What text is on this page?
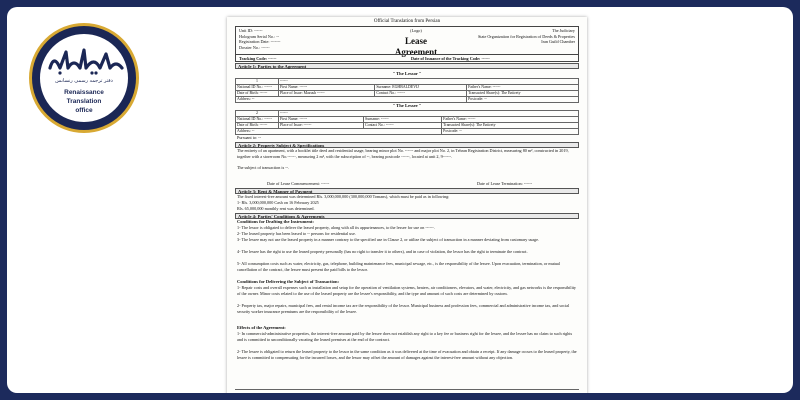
دفتر ترجمه رسمی رنسانس
Renaissance
Translation
office
Official Translation from Persian
Unit ID: ------
Hologram Serial No.: --
Registration Date: -------
Dossier No.: ------
(Logo)
Lease Agreement
The Judiciary
State Organization for Registration of Deeds & Properties
Iran Guild Chamber
Tracking Code: ------	Date of Issuance of the Tracking Code: ------
Article 1: Parties to the Agreement
" The Lessor "
1	------		
National ID No.: ------	First Name: ------	Surname: EGHBALDEVIJ	Father's Name: ------
Date of Birth: ------	Place of Issue: Mazush ------	Contact No.: ------	Transacted Share(s): The Entirety
Address: --			Postcode: --
" The Lessee "
2	------		
National ID No.: ------	First Name: ------	Surname: ------	Father's Name: ------
Date of Birth: ------	Place of Issue: ------	Contact No.: ------	Transacted Share(s): The Entirety
Address: --			Postcode: --
Pursuant to: --
Article 2: Property Subject & Specifications
The entirety of an apartment, with a booklet title deed and residential usage, bearing minor plot No. ------ and major plot No. 2, in Tehran Registration District, measuring 80 m², constructed in 2019, together with a storeroom No.------, measuring 2 m², with the subscription of --, bearing postcode ------, located at unit 2, 9------.
The subject of transaction is --.
Date of Lease Commencement: ------	Date of Lease Termination: ------
Article 3: Rent & Manner of Payment
The fixed interest-free amount was determined Rls. 3,000,000,000 (300,000,000 Tomans), which must be paid as in following:
1- Rls. 3,000,000,000 Cash on 16 February 2025
Rls. 65,000,000 monthly rent was determined.
Article 4: Parties' Conditions & Agreements
Conditions for Drafting the Instrument:
1- The lessor is obligated to deliver the leased property, along with all its appurtenances, to the lessee for use on ------.
2- The leased property has been leased to -- persons for residential use.
3- The lessee may not use the leased property in a manner contrary to the specified use in Clause 2, or utilize the subject of transaction in a manner deviating from customary usage.
4- The lessee has the right to use the leased property personally (has no right to transfer it to others), and in case of violation, the lessor has the right to terminate the contract.
5- All consumption costs such as water, electricity, gas, telephone, building maintenance fees, municipal sewage, etc., is the responsibility of the lessee. Upon evacuation, termination, or mutual cancellation of the contract, the lessee must present the paid bills to the lessor.
Conditions for Delivering the Subject of Transaction:
1- Repair costs and overall expenses such as installation and setup for the operation of ventilation systems, heaters, air conditioners, elevators, and water, electricity, and gas networks is the responsibility of the owner. Minor costs related to the use of the leased property are the lessee's responsibility, and the type and amount of such costs are determined by custom.
2- Property tax, major repairs, municipal fees, and rental income tax are the responsibility of the lessor. Municipal business and profession fees, commercial and administrative income tax, and social security worker insurance premiums are the responsibility of the lessee.
Effects of the Agreement:
1- In commercial-administrative properties, the interest-free amount paid by the lessee does not establish any right to a key fee or business right for the lessee, and the lessee has no claim to such rights and is committed to unconditionally vacating the leased premises at the end of the contract.
2- The lessee is obligated to return the leased property to the lessor in the same condition as it was delivered at the time of evacuation and obtain a receipt. If any damage occurs to the leased property, the lessee is committed to compensating for the incurred losses, and the lessor may offset the amount of damages against the interest-free amount without any objection.
